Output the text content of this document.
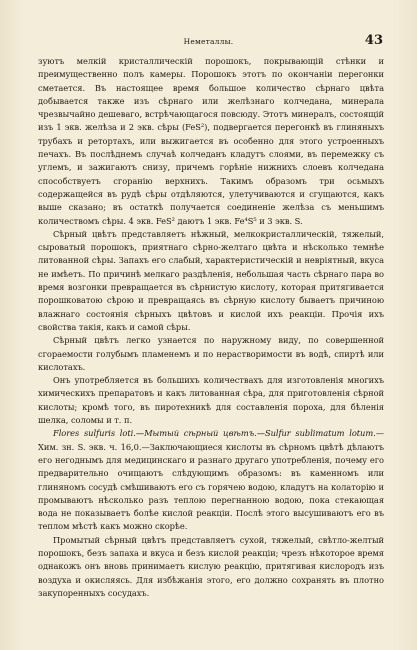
Неметаллы.	43

зуютъ мелкій кристаллическій порошокъ, покрывающій стѣнки и преимущественно полъ камеры. Порошокъ этотъ по окончаніи перегонки сметается. Въ настоящее время большое количество сѣрнаго цвѣта добывается также изъ сѣрнаго или желѣзнаго колчедана, минерала чрезвычайно дешеваго, встрѣчающагося повсюду. Этотъ минералъ, состоящій изъ 1 экв. желѣза и 2 экв. сѣры (FeS²), подвергается перегонкѣ въ глиняныхъ трубахъ и ретортахъ, или выжигается въ особенно для этого устроенныхъ печахъ. Въ послѣднемъ случаѣ колчеданъ кладутъ слоями, въ перемежку съ углемъ, и зажигаютъ снизу, причемъ горѣніе нижнихъ слоевъ колчедана способствуетъ сгоранію верхнихъ. Такимъ образомъ три осьмыхъ содержащейся въ рудѣ сѣры отдѣляются, улетучиваются и сгущаются, какъ выше сказано; въ остаткѣ получается соединеніе желѣза съ меньшимъ количествомъ сѣры. 4 экв. FeS² даютъ 1 экв. Fe⁴S⁵ и 3 экв. S.

Сѣрный цвѣтъ представляетъ нѣжный, мелкокристаллическій, тяжелый, сыроватый порошокъ, приятнаго сѣрно-желтаго цвѣта и нѣсколько темнѣе литованной сѣры. Запахъ его слабый, характеристическій и невріятный, вкуса не имѣетъ. По причинѣ мелкаго раздѣленія, небольшая часть сѣрнаго пара во время возгонки превращается въ сѣрнистую кислоту, которая притягивается порошковатою сѣрою и превращаясь въ сѣрную кислоту бываетъ причиною влажнаго состоянія сѣрныхъ цвѣтовъ и кислой ихъ реакціи. Прочія ихъ свойства такія, какъ и самой сѣры.

Сѣрный цвѣтъ легко узнается по наружному виду, по совершенной сгораемости голубымъ пламенемъ и по нерастворимости въ водѣ, спиртѣ или кислотахъ.

Онъ употребляется въ большихъ количествахъ для изготовленія многихъ химическихъ препаратовъ и какъ литованная сѣра, для приготовленія сѣрной кислоты; кромѣ того, въ пиротехникѣ для составленія пороха, для бѣленія шелка, соломы и т. п.

Flores sulfuris loti.—Мытый сѣрный цвѣтъ.—Sulfur sublimatum lotum.—Хим. зн. S. экв. ч. 16,0.—Заключающиеся кислоты въ сѣрномъ цвѣтѣ дѣлаютъ его негоднымъ для медицинскаго и разнаго другаго употребленія, почему его предварительно очищаютъ слѣдующимъ образомъ: въ каменномъ или глиняномъ сосудѣ смѣшиваютъ его съ горячею водою, кладутъ на колаторію и промываютъ нѣсколько разъ теплою перегнанною водою, пока стекающая вода не показываетъ болѣе кислой реакціи. Послѣ этого высушиваютъ его въ теплом мѣстѣ какъ можно скорѣе.

Промытый сѣрный цвѣтъ представляетъ сухой, тяжелый, свѣтло-желтый порошокъ, безъ запаха и вкуса и безъ кислой реакціи; чрезъ нѣкоторое время однакожъ онъ вновь принимаетъ кислую реакцію, притягивая кислородъ изъ воздуха и окисляясь. Для избѣжанія этого, его должно сохранять въ плотно закупоренныхъ сосудахъ.
